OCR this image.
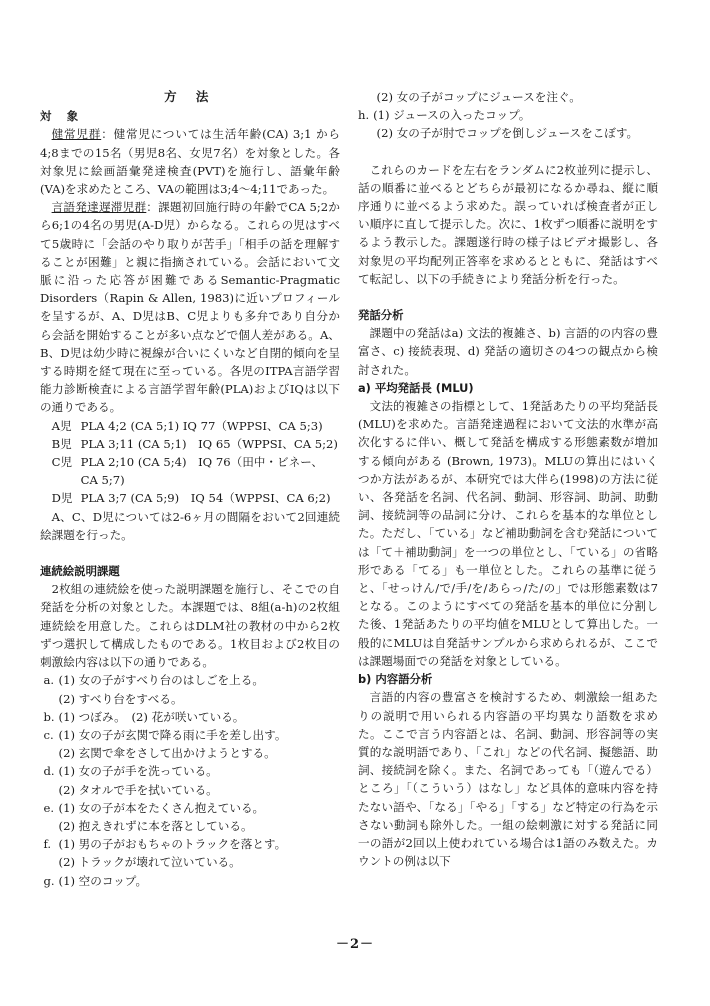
方 法

対 象

健常児群：健常児については生活年齢(CA) 3;1 から4;8までの15名（男児8名、女児7名）を対象とした。各対象児に絵画語彙発達検査(PVT)を施行し、語彙年齢(VA)を求めたところ、VAの範囲は3;4～4;11であった。

言語発達遅滞児群：課題初回施行時の年齢でCA 5;2から6;1の4名の男児(A-D児）からなる。これらの児はすべて5歳時に「会話のやり取りが苦手」「相手の話を理解することが困難」と親に指摘されている。会話において文脈に沿った応答が困難であるSemantic-Pragmatic Disorders（Rapin & Allen, 1983)に近いプロフィールを呈するが、A、D児はB、C児よりも多弁であり自分から会話を開始することが多い点などで個人差がある。A、B、D児は幼少時に視線が合いにくいなど自閉的傾向を呈する時期を経て現在に至っている。各児のITPA言語学習能力診断検査による言語学習年齢(PLA)およびIQは以下の通りである。

A児 PLA 4;2 (CA 5;1) IQ 77（WPPSI、CA 5;3)
B児 PLA 3;11 (CA 5;1)　IQ 65（WPPSI、CA 5;2)
C児 PLA 2;10 (CA 5;4)　IQ 76（田中・ビネー、

CA 5;7)

D児 PLA 3;7 (CA 5;9)　IQ 54（WPPSI、CA 6;2)

A、C、D児については2-6ヶ月の間隔をおいて2回連続絵課題を行った。

連続絵説明課題

2枚組の連続絵を使った説明課題を施行し、そこでの自発話を分析の対象とした。本課題では、8組(a-h)の2枚組連続絵を用意した。これらはDLM社の教材の中から2枚ずつ選択して構成したものである。1枚目および2枚目の刺激絵内容は以下の通りである。

a. (1) 女の子がすべり台のはしごを上る。

(2) すべり台をすべる。

b. (1) つぼみ。　(2) 花が咲いている。
c. (1) 女の子が玄関で降る雨に手を差し出す。

(2) 玄関で傘をさして出かけようとする。

d. (1) 女の子が手を洗っている。

(2) タオルで手を拭いている。

e. (1) 女の子が本をたくさん抱えている。

(2) 抱えきれずに本を落としている。

f. (1) 男の子がおもちゃのトラックを落とす。

(2) トラックが壊れて泣いている。

g. (1) 空のコップ。

(2) 女の子がコップにジュースを注ぐ。

h. (1) ジュースの入ったコップ。

(2) 女の子が肘でコップを倒しジュースをこぼす。

これらのカードを左右をランダムに2枚並列に提示し、話の順番に並べるとどちらが最初になるか尋ね、縦に順序通りに並べるよう求めた。誤っていれば検査者が正しい順序に直して提示した。次に、1枚ずつ順番に説明をするよう教示した。課題遂行時の様子はビデオ撮影し、各対象児の平均配列正答率を求めるとともに、発話はすべて転記し、以下の手続きにより発話分析を行った。

発話分析

課題中の発話はa) 文法的複雑さ、b) 言語的の内容の豊富さ、c) 接続表現、d) 発話の適切さの4つの観点から検討された。

a) 平均発話長 (MLU)

文法的複雑さの指標として、1発話あたりの平均発話長(MLU)を求めた。言語発達過程において文法的水準が高次化するに伴い、概して発話を構成する形態素数が増加する傾向がある (Brown, 1973)。MLUの算出にはいくつか方法があるが、本研究では大伴ら(1998)の方法に従い、各発話を名詞、代名詞、動詞、形容詞、助詞、助動詞、接続詞等の品詞に分け、これらを基本的な単位とした。ただし、「ている」など補助動詞を含む発話については「て＋補助動詞」を一つの単位とし、「ている」の省略形である「てる」も一単位とした。これらの基準に従うと、「せっけん/で/手/を/あらっ/た/の」では形態素数は7となる。このようにすべての発話を基本的単位に分割した後、1発話あたりの平均値をMLUとして算出した。一般的にMLUは自発話サンプルから求められるが、ここでは課題場面での発話を対象としている。

b) 内容語分析

言語的内容の豊富さを検討するため、刺激絵一組あたりの説明で用いられる内容語の平均異なり語数を求めた。ここで言う内容語とは、名詞、動詞、形容詞等の実質的な説明語であり、「これ」などの代名詞、擬態語、助詞、接続詞を除く。また、名詞であっても「（遊んでる）ところ」「（こういう）はなし」など具体的意味内容を持たない語や、「なる」「やる」「する」など特定の行為を示さない動詞も除外した。一組の絵刺激に対する発話に同一の語が2回以上使われている場合は1語のみ数えた。カウントの例は以下

－2－
